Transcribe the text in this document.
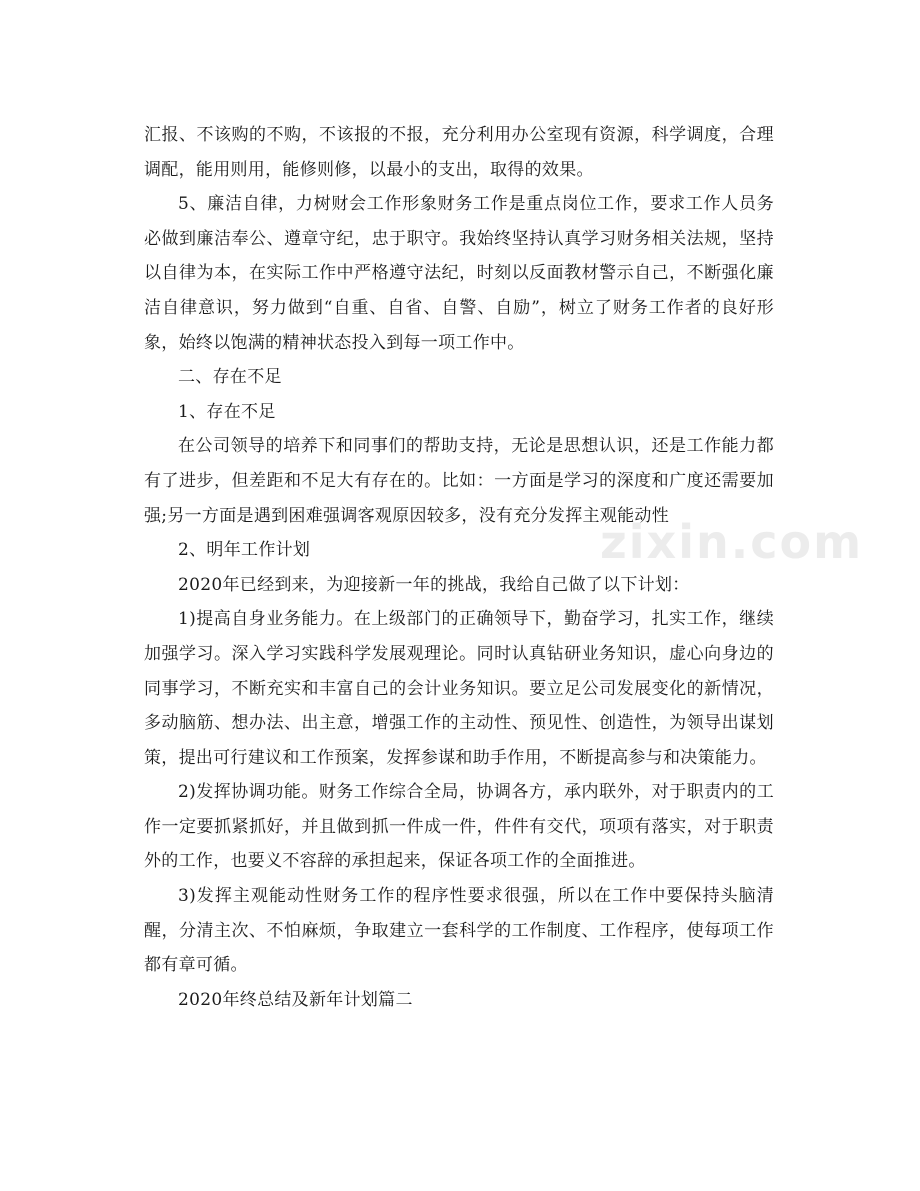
zixin.com

汇报、不该购的不购，不该报的不报，充分利用办公室现有资源，科学调度，合理调配，能用则用，能修则修，以最小的支出，取得的效果。

5、廉洁自律，力树财会工作形象财务工作是重点岗位工作，要求工作人员务必做到廉洁奉公、遵章守纪，忠于职守。我始终坚持认真学习财务相关法规，坚持以自律为本，在实际工作中严格遵守法纪，时刻以反面教材警示自己，不断强化廉洁自律意识，努力做到“自重、自省、自警、自励”，树立了财务工作者的良好形象，始终以饱满的精神状态投入到每一项工作中。

二、存在不足

1、存在不足

在公司领导的培养下和同事们的帮助支持，无论是思想认识，还是工作能力都有了进步，但差距和不足大有存在的。比如：一方面是学习的深度和广度还需要加强;另一方面是遇到困难强调客观原因较多，没有充分发挥主观能动性

2、明年工作计划

2020年已经到来，为迎接新一年的挑战，我给自己做了以下计划：

1)提高自身业务能力。在上级部门的正确领导下，勤奋学习，扎实工作，继续加强学习。深入学习实践科学发展观理论。同时认真钻研业务知识，虚心向身边的同事学习，不断充实和丰富自己的会计业务知识。要立足公司发展变化的新情况，多动脑筋、想办法、出主意，增强工作的主动性、预见性、创造性，为领导出谋划策，提出可行建议和工作预案，发挥参谋和助手作用，不断提高参与和决策能力。

2)发挥协调功能。财务工作综合全局，协调各方，承内联外，对于职责内的工作一定要抓紧抓好，并且做到抓一件成一件，件件有交代，项项有落实，对于职责外的工作，也要义不容辞的承担起来，保证各项工作的全面推进。

3)发挥主观能动性财务工作的程序性要求很强，所以在工作中要保持头脑清醒，分清主次、不怕麻烦，争取建立一套科学的工作制度、工作程序，使每项工作都有章可循。

2020年终总结及新年计划篇二
